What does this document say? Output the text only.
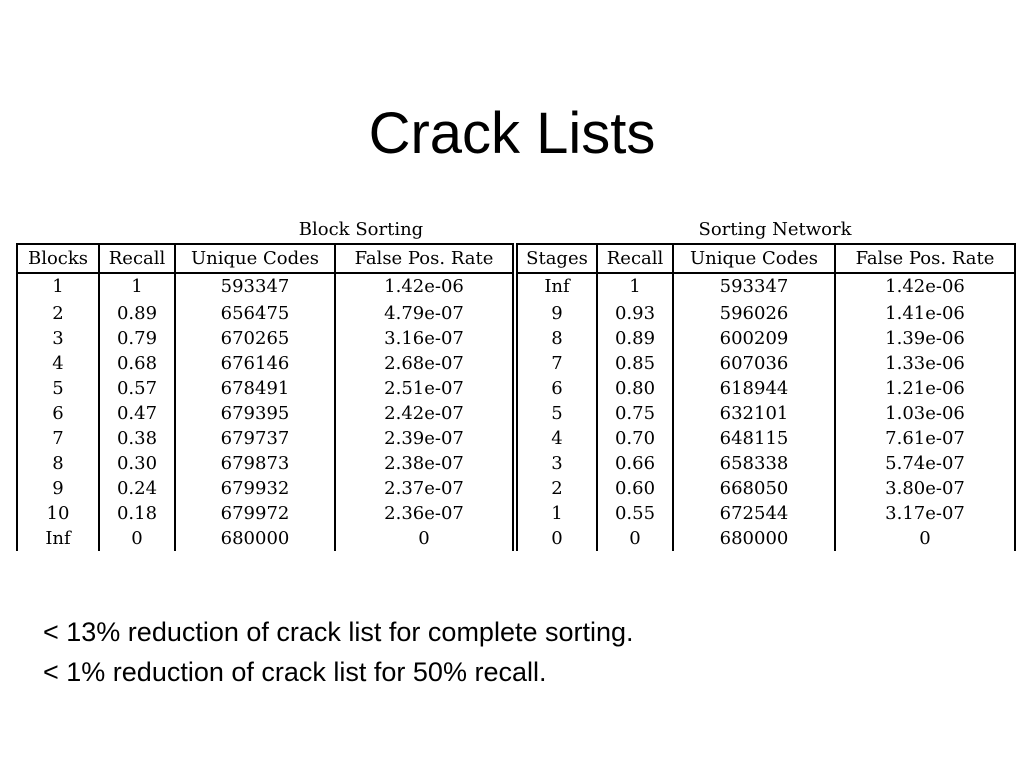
Crack Lists
Block Sorting	Sorting Network
Blocks	Recall	Unique Codes	False Pos. Rate	Stages	Recall	Unique Codes	False Pos. Rate
1	1	593347	1.42e-06	Inf	1	593347	1.42e-06
2	0.89	656475	4.79e-07	9	0.93	596026	1.41e-06
3	0.79	670265	3.16e-07	8	0.89	600209	1.39e-06
4	0.68	676146	2.68e-07	7	0.85	607036	1.33e-06
5	0.57	678491	2.51e-07	6	0.80	618944	1.21e-06
6	0.47	679395	2.42e-07	5	0.75	632101	1.03e-06
7	0.38	679737	2.39e-07	4	0.70	648115	7.61e-07
8	0.30	679873	2.38e-07	3	0.66	658338	5.74e-07
9	0.24	679932	2.37e-07	2	0.60	668050	3.80e-07
10	0.18	679972	2.36e-07	1	0.55	672544	3.17e-07
Inf	0	680000	0	0	0	680000	0
< 13% reduction of crack list for complete sorting.
< 1% reduction of crack list for 50% recall.
